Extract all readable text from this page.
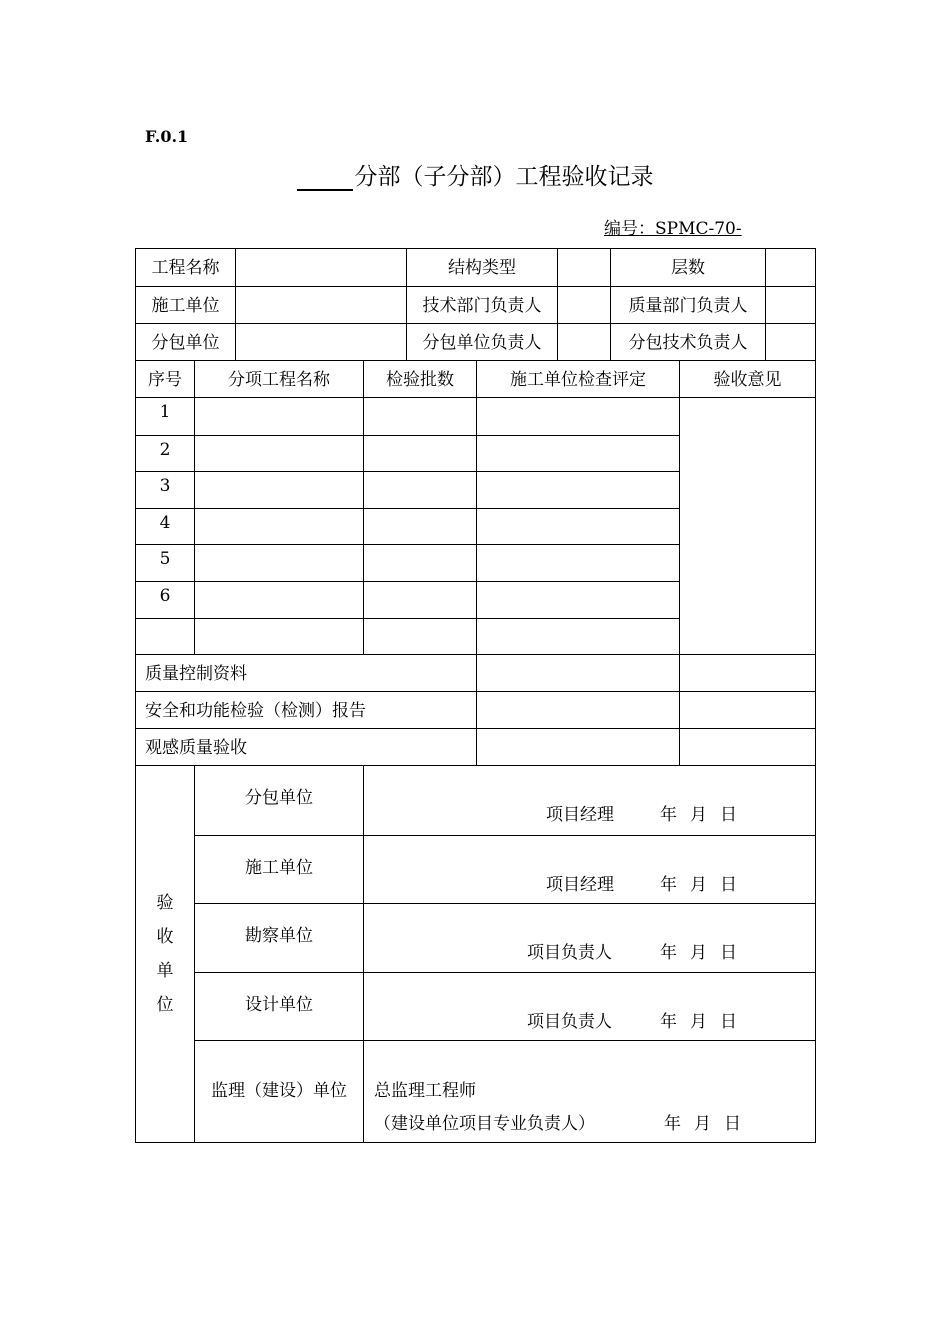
F.0.1
分部（子分部）工程验收记录
编号：SPMC-70-
工程名称	结构类型	层数
施工单位	技术部门负责人	质量部门负责人
分包单位	分包单位负责人	分包技术负责人
序号	分项工程名称	检验批数	施工单位检查评定	验收意见
1
2
3
4
5
6
质量控制资料
安全和功能检验（检测）报告
观感质量验收
验
收
单
位
分包单位
项目经理	年 月 日
施工单位
项目经理	年 月 日
勘察单位
项目负责人	年 月 日
设计单位
项目负责人	年 月 日
监理（建设）单位	总监理工程师
（建设单位项目专业负责人）	年 月 日
